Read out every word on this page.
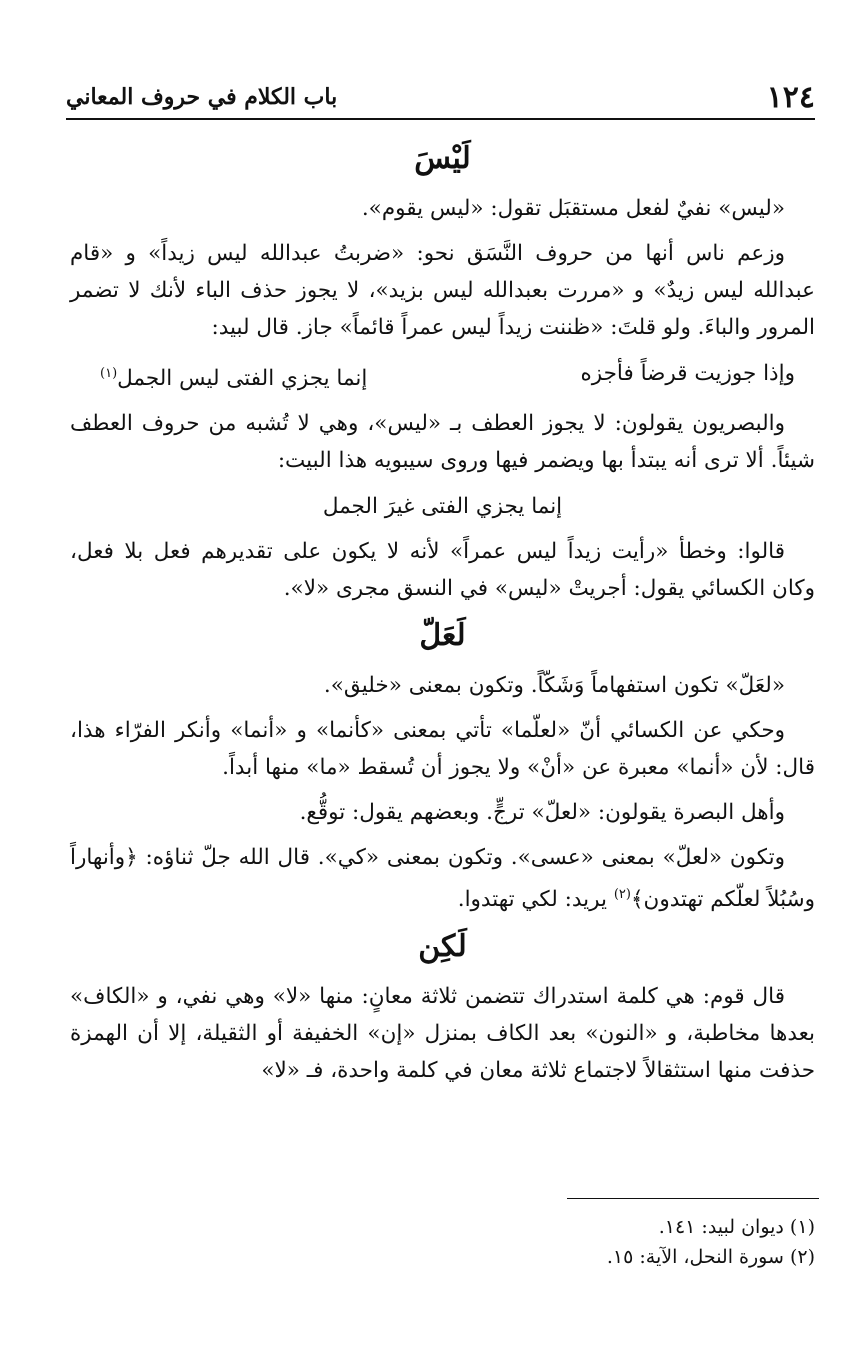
١٢٤
باب الكلام في حروف المعاني
لَيْسَ

«ليس» نفيٌ لفعل مستقبَل تقول: «ليس يقوم».

وزعم ناس أنها من حروف النَّسَق نحو: «ضربتُ عبدالله ليس زيداً» و «قام عبدالله ليس زيدٌ» و «مررت بعبدالله ليس بزيد»، لا يجوز حذف الباء لأنك لا تضمر المرور والباءَ. ولو قلتَ: «ظننت زيداً ليس عمراً قائماً» جاز. قال لبيد:

وإذا جوزيت قرضاً فأجزه
إنما يجزي الفتى ليس الجمل$^{(١)}$

والبصريون يقولون: لا يجوز العطف بـ «ليس»، وهي لا تُشبه من حروف العطف شيئاً. ألا ترى أنه يبتدأ بها ويضمر فيها وروى سيبويه هذا البيت:

إنما يجزي الفتى غيرَ الجمل

قالوا: وخطأ «رأيت زيداً ليس عمراً» لأنه لا يكون على تقديرهم فعل بلا فعل، وكان الكسائي يقول: أجريتْ «ليس» في النسق مجرى «لا».

لَعَلّ

«لعَلّ» تكون استفهاماً وَشَكّاً. وتكون بمعنى «خليق».

وحكي عن الكسائي أنّ «لعلّما» تأتي بمعنى «كأنما» و «أنما» وأنكر الفرّاء هذا، قال: لأن «أنما» معبرة عن «أنْ» ولا يجوز أن تُسقط «ما» منها أبداً.

وأهل البصرة يقولون: «لعلّ» ترجٍّ. وبعضهم يقول: توقُّع.

وتكون «لعلّ» بمعنى «عسى». وتكون بمعنى «كي». قال الله جلّ ثناؤه: ﴿وأنهاراً وسُبُلاً لعلّكم تهتدون﴾$^{(٢)}$ يريد: لكي تهتدوا.

لَكِن

قال قوم: هي كلمة استدراك تتضمن ثلاثة معانٍ: منها «لا» وهي نفي، و «الكاف» بعدها مخاطبة، و «النون» بعد الكاف بمنزل «إن» الخفيفة أو الثقيلة، إلا أن الهمزة حذفت منها استثقالاً لاجتماع ثلاثة معان في كلمة واحدة، فـ «لا»

(١) ديوان لبيد: ١٤١.

(٢) سورة النحل، الآية: ١٥.
